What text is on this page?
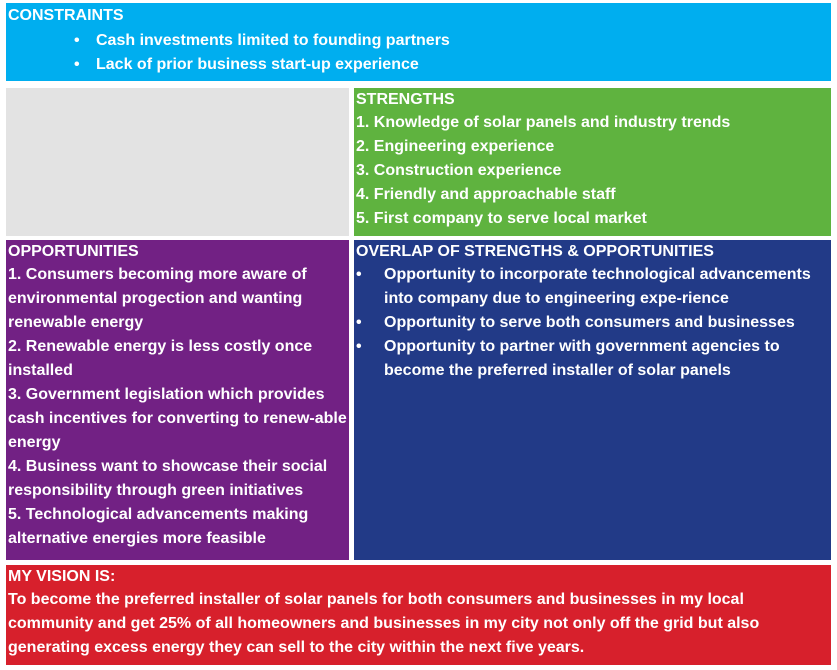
CONSTRAINTS
• Cash investments limited to founding partners
• Lack of prior business start-up experience
STRENGTHS
1. Knowledge of solar panels and industry trends
2. Engineering experience
3. Construction experience
4. Friendly and approachable staff
5. First company to serve local market
OPPORTUNITIES
1. Consumers becoming more aware of environmental progection and wanting renewable energy
2. Renewable energy is less costly once installed
3. Government legislation which provides cash incentives for converting to renew-able energy
4. Business want to showcase their social responsibility through green initiatives
5. Technological advancements making alternative energies more feasible
OVERLAP OF STRENGTHS & OPPORTUNITIES
• Opportunity to incorporate technological advancements into company due to engineering expe-rience
• Opportunity to serve both consumers and businesses
• Opportunity to partner with government agencies to become the preferred installer of solar panels
MY VISION IS:
To become the preferred installer of solar panels for both consumers and businesses in my local community and get 25% of all homeowners and businesses in my city not only off the grid but also generating excess energy they can sell to the city within the next five years.
